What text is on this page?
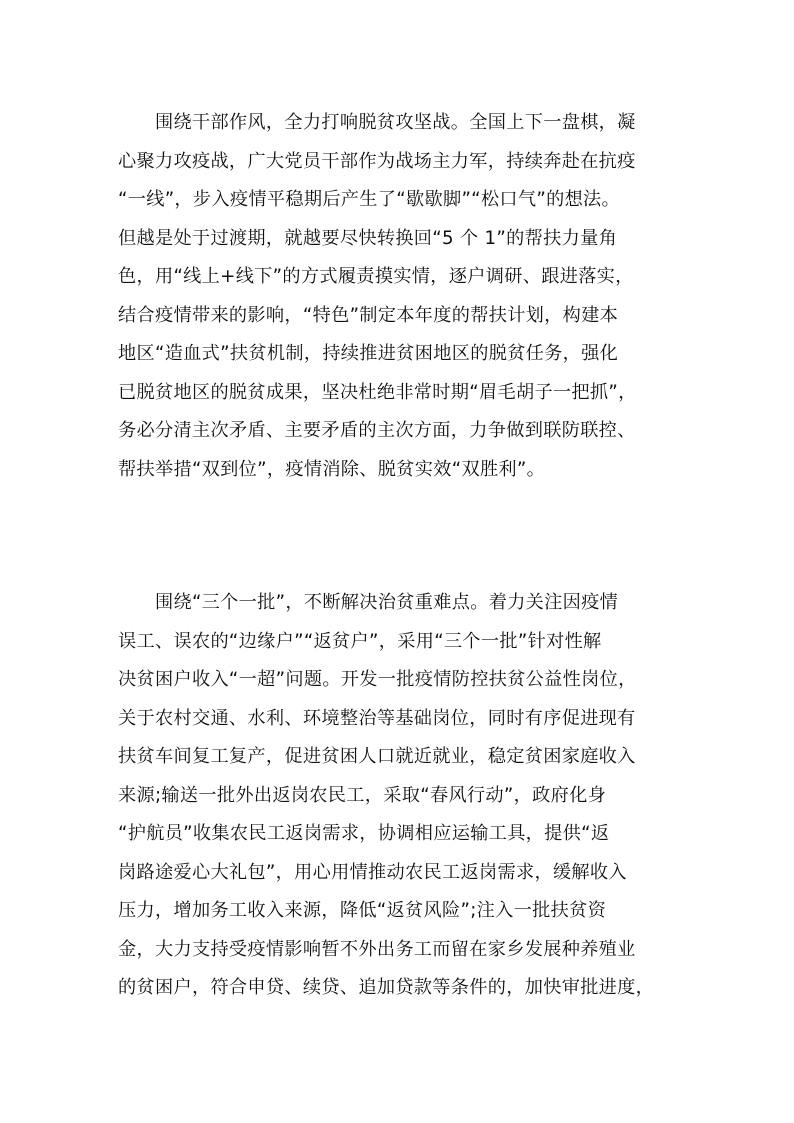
　　围绕干部作风，全力打响脱贫攻坚战。全国上下一盘棋，凝
心聚力攻疫战，广大党员干部作为战场主力军，持续奔赴在抗疫
“一线”，步入疫情平稳期后产生了“歇歇脚”“松口气”的想法。
但越是处于过渡期，就越要尽快转换回“5 个 1”的帮扶力量角
色，用“线上+线下”的方式履责摸实情，逐户调研、跟进落实，
结合疫情带来的影响，“特色”制定本年度的帮扶计划，构建本
地区“造血式”扶贫机制，持续推进贫困地区的脱贫任务，强化
已脱贫地区的脱贫成果，坚决杜绝非常时期“眉毛胡子一把抓”，
务必分清主次矛盾、主要矛盾的主次方面，力争做到联防联控、
帮扶举措“双到位”，疫情消除、脱贫实效“双胜利”。
　　围绕“三个一批”，不断解决治贫重难点。着力关注因疫情
误工、误农的“边缘户”“返贫户”，采用“三个一批”针对性解
决贫困户收入“一超”问题。开发一批疫情防控扶贫公益性岗位，
关于农村交通、水利、环境整治等基础岗位，同时有序促进现有
扶贫车间复工复产，促进贫困人口就近就业，稳定贫困家庭收入
来源;输送一批外出返岗农民工，采取“春风行动”，政府化身
“护航员”收集农民工返岗需求，协调相应运输工具，提供“返
岗路途爱心大礼包”，用心用情推动农民工返岗需求，缓解收入
压力，增加务工收入来源，降低“返贫风险”;注入一批扶贫资
金，大力支持受疫情影响暂不外出务工而留在家乡发展种养殖业
的贫困户，符合申贷、续贷、追加贷款等条件的，加快审批进度，
